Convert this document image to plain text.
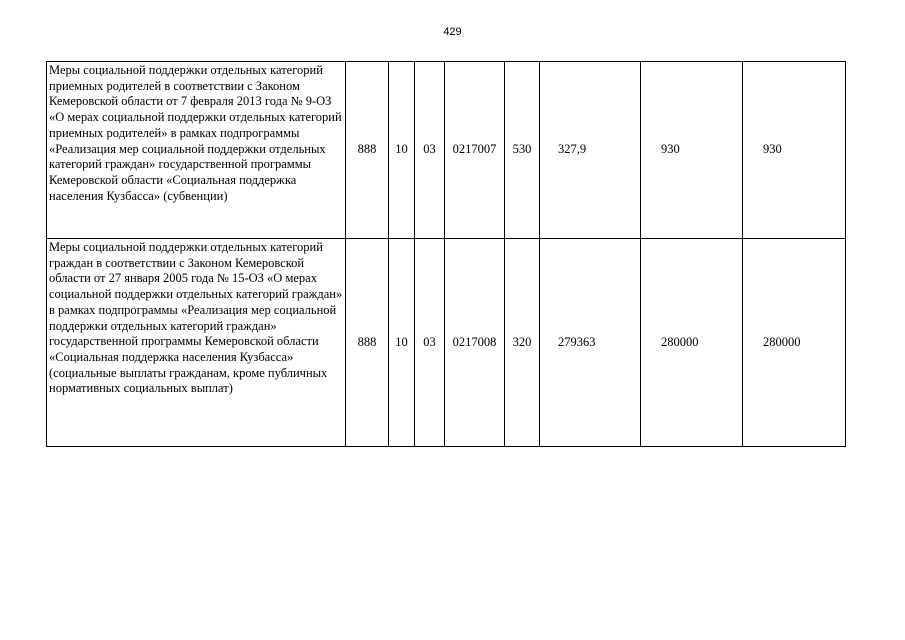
429
Меры социальной поддержки отдельных категорий приемных родителей в соответствии с Законом Кемеровской области от 7 февраля 2013 года № 9-ОЗ «О мерах социальной поддержки отдельных категорий приемных родителей» в рамках подпрограммы «Реализация мер социальной поддержки отдельных категорий граждан» государственной программы Кемеровской области «Социальная поддержка населения Кузбасса» (субвенции)	888	10	03	0217007	530	327,9	930	930
Меры социальной поддержки отдельных категорий граждан в соответствии с Законом Кемеровской области от 27 января 2005 года № 15-ОЗ «О мерах социальной поддержки отдельных категорий граждан» в рамках подпрограммы «Реализация мер социальной поддержки отдельных категорий граждан» государственной программы Кемеровской области «Социальная поддержка населения Кузбасса» (социальные выплаты гражданам, кроме публичных нормативных социальных выплат)	888	10	03	0217008	320	279363	280000	280000
